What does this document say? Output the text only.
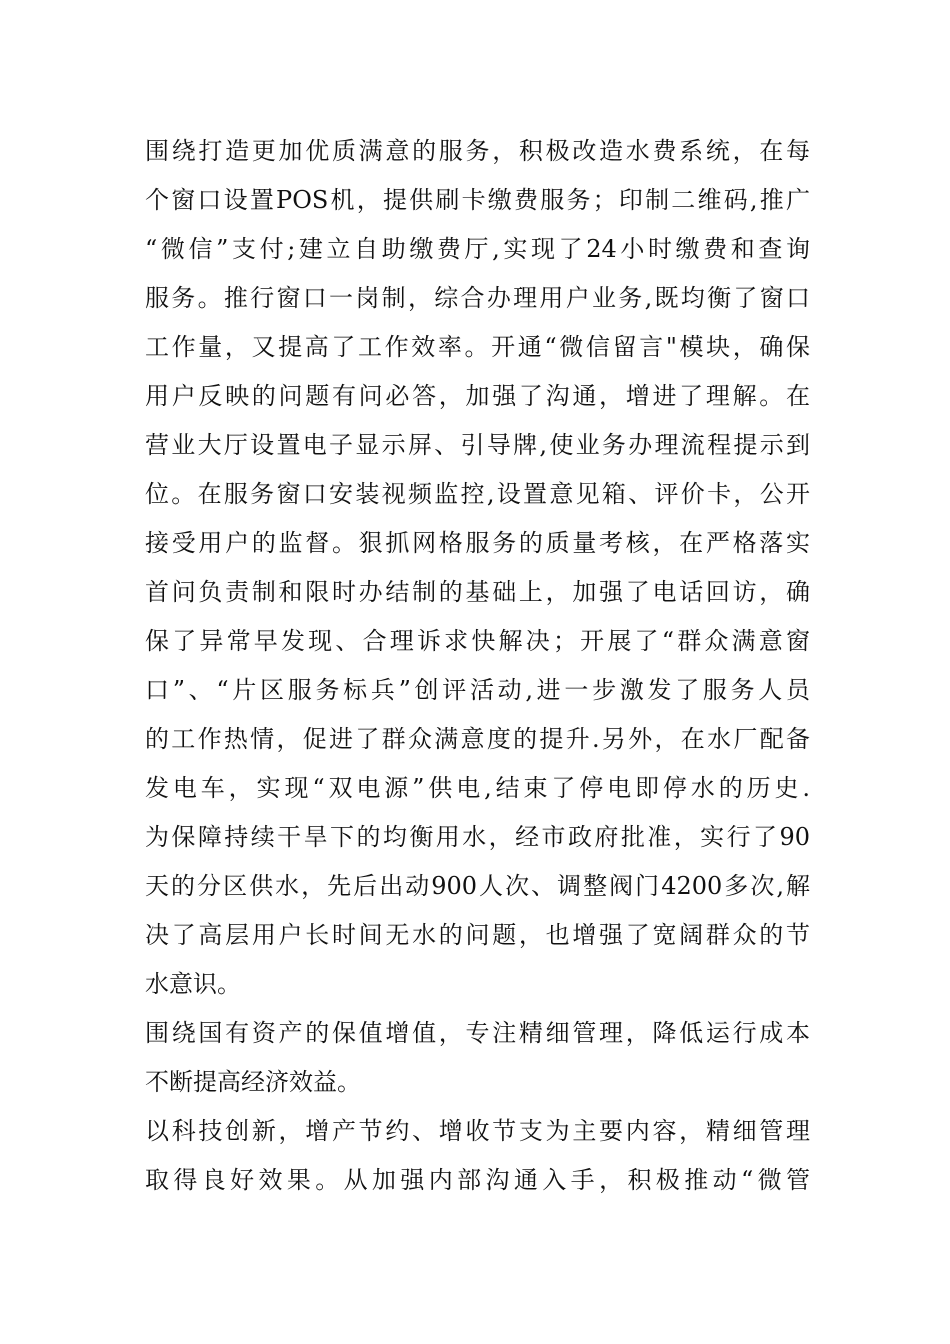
围绕打造更加优质满意的服务，积极改造水费系统，在每
个窗口设置POS机，提供刷卡缴费服务；印制二维码,推广
“微信”支付;建立自助缴费厅,实现了24小时缴费和查询
服务。推行窗口一岗制，综合办理用户业务,既均衡了窗口
工作量，又提高了工作效率。开通“微信留言"模块，确保
用户反映的问题有问必答，加强了沟通，增进了理解。在
营业大厅设置电子显示屏、引导牌,使业务办理流程提示到
位。在服务窗口安装视频监控,设置意见箱、评价卡，公开
接受用户的监督。狠抓网格服务的质量考核，在严格落实
首问负责制和限时办结制的基础上，加强了电话回访，确
保了异常早发现、合理诉求快解决；开展了“群众满意窗
口”、“片区服务标兵”创评活动,进一步激发了服务人员
的工作热情，促进了群众满意度的提升.另外，在水厂配备
发电车，实现“双电源”供电,结束了停电即停水的历史.
为保障持续干旱下的均衡用水，经市政府批准，实行了90
天的分区供水，先后出动900人次、调整阀门4200多次,解
决了高层用户长时间无水的问题，也增强了宽阔群众的节
水意识。
围绕国有资产的保值增值，专注精细管理，降低运行成本
不断提高经济效益。
以科技创新，增产节约、增收节支为主要内容，精细管理
取得良好效果。从加强内部沟通入手，积极推动“微管
